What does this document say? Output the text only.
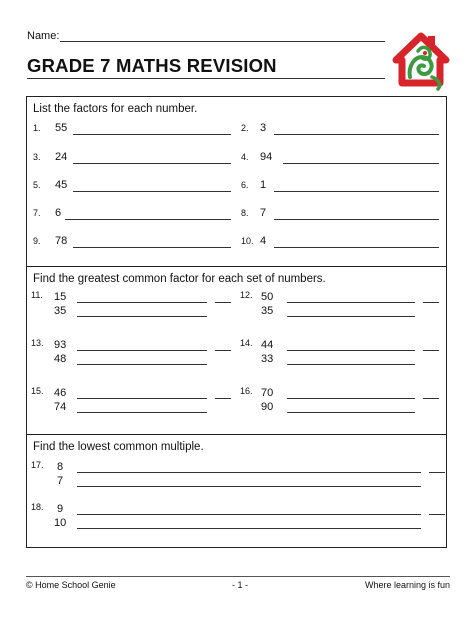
Name:
GRADE 7 MATHS REVISION
List the factors for each number.
1. 55	2. 3
3. 24	4. 94
5. 45	6. 1
7. 6	8. 7
9. 78	10. 4
Find the greatest common factor for each set of numbers.
11. 15
35
12. 50
35
13. 93
48
14. 44
33
15. 46
74
16. 70
90
Find the lowest common multiple.
17. 8
7
18. 9
10
© Home School Genie	- 1 -	Where learning is fun
